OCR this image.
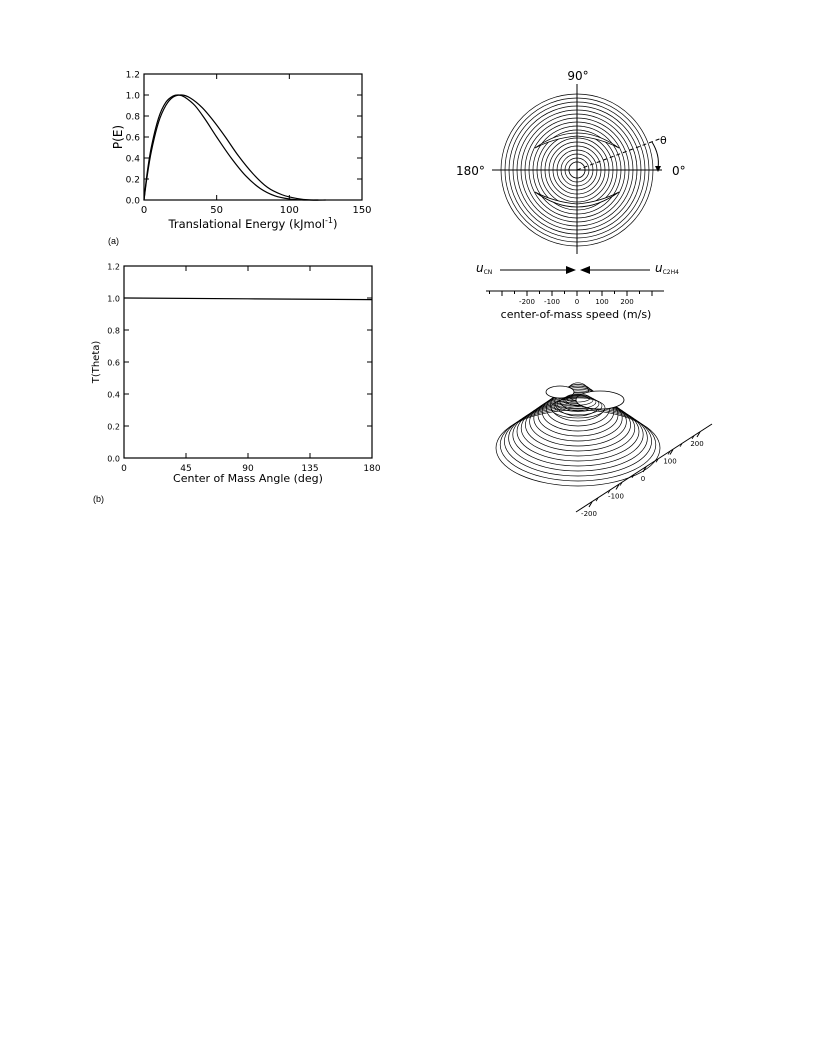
0.0
0.2
0.4
0.6
0.8
1.0
1.2
0	50	100	150
P(E)
Translational Energy (kJmol$^{-1}$)
0.0
0.2
0.4
0.6
0.8
1.0
1.2
0	45	90	135	180
T(Theta)
Center of Mass Angle (deg)
90°
180°	0°
θ
uCN	uC2H4
-200 -100 0 100 200
center-of-mass speed (m/s)
200
100
0
-100
-200
(a)
(b)
